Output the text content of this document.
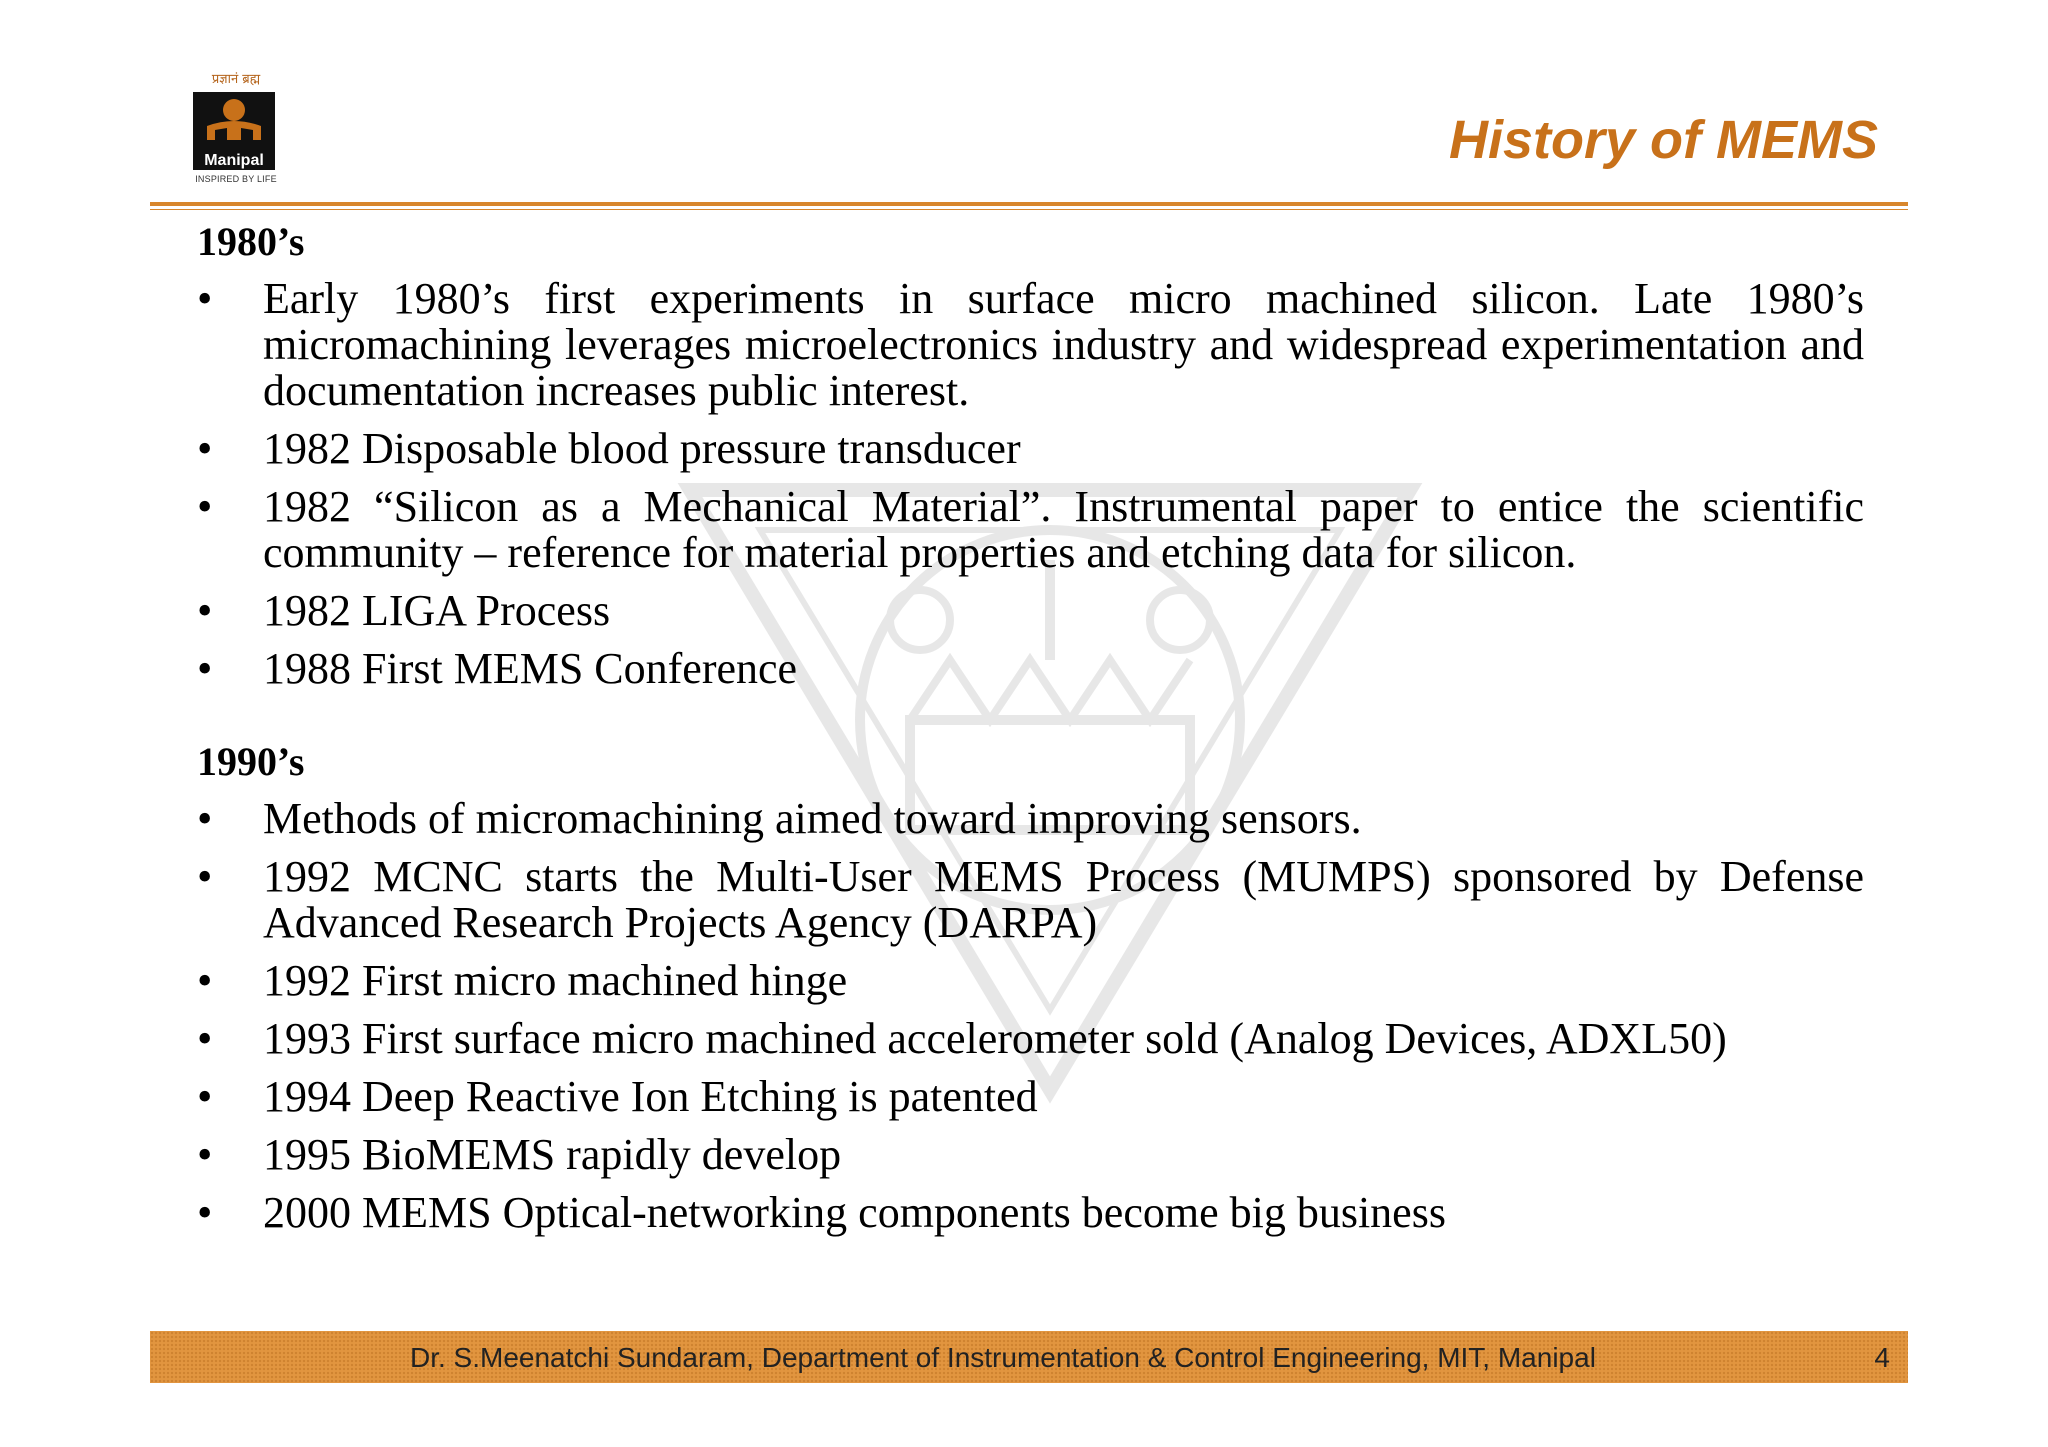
प्रज्ञानं ब्रह्म
Manipal
INSPIRED BY LIFE
History of MEMS

1980’s

• Early 1980’s first experiments in surface micro machined silicon. Late 1980’s micromachining leverages microelectronics industry and widespread experimentation and documentation increases public interest.
• 1982 Disposable blood pressure transducer
• 1982 “Silicon as a Mechanical Material”. Instrumental paper to entice the scientific community – reference for material properties and etching data for silicon.
• 1982 LIGA Process
• 1988 First MEMS Conference

1990’s

• Methods of micromachining aimed toward improving sensors.
• 1992 MCNC starts the Multi-User MEMS Process (MUMPS) sponsored by Defense Advanced Research Projects Agency (DARPA)
• 1992 First micro machined hinge
• 1993 First surface micro machined accelerometer sold (Analog Devices, ADXL50)
• 1994 Deep Reactive Ion Etching is patented
• 1995 BioMEMS rapidly develop
• 2000 MEMS Optical-networking components become big business
Dr. S.Meenatchi Sundaram, Department of Instrumentation & Control Engineering, MIT, Manipal	4
